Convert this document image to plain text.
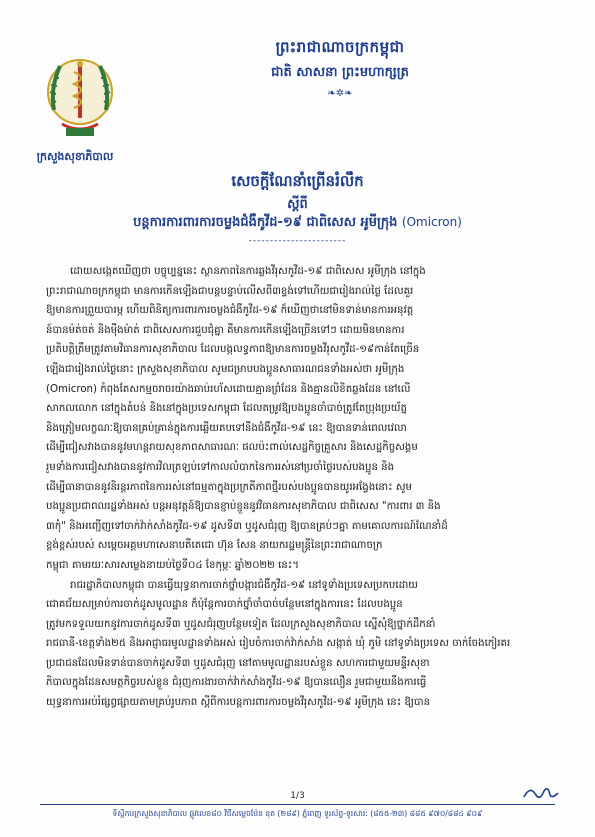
ក្រសួងសុខាភិបាល
ព្រះរាជាណាចក្រកម្ពុជា
ជាតិ សាសនា ព្រះមហាក្សត្រ
❧✲❧
សេចក្តីណែនាំព្រើនរំលឹក
ស្តីពី
បន្តការការពារការចម្លងជំងឺកូវីដ-១៩ ជាពិសេស អូមីក្រុង (Omicron)
-----------------------
ដោយសង្កេតឃើញថា បច្ចុប្បន្ននេះ ស្ថានភាពនៃការឆ្លងវីរុសកូវីដ-១៩ ជាពិសេស អូមីក្រុង នៅក្នុង
ព្រះរាជាណាចក្រកម្ពុជា មានការកើនឡើងជាបន្តបន្ទាប់លើសពី៣ខ្ទង់ទៅហើយជារៀងរាល់ថ្ងៃ ដែលគួរ
ឱ្យមានការព្រួយបារម្ភ ហើយពិនិត្យការពារការចម្លងជំងឺកូវីដ-១៩ ក៏ឃើញថានៅមិនទាន់មានការអនុវត្ត
ន៍បានម៉ត់ចត់ និងម៉ឺងម៉ាត់ ជាពិសេសការជួបជុំគ្នា គឺមានការកើនឡើងច្រើនទៅៗ ដោយមិនមានការ
ប្រតិបត្តិត្រឹមត្រូវតាមវិធានការសុខាភិបាល ដែលបង្កលទ្ធភាពឱ្យមានការចម្លងវីរុសកូវីដ-១៩កាន់តែច្រើន
ឡើងជារៀងរាល់ថ្ងៃនោះ ក្រសួងសុខាភិបាល សូមជម្រាបបងប្អូនសាធារណជនទាំងអស់ថា អូមីក្រុង
(Omicron) កំពុងតែសកម្មចរាចរយ៉ាងឆាប់រហ័សដោយគ្មានព្រំដែន និងគ្មានលិខិតឆ្លងដែន នៅលើ
សាកលលោក នៅក្នុងតំបន់ និងនៅក្នុងប្រទេសកម្ពុជា ដែលតម្រូវឱ្យបងប្អូនចាំបាច់ត្រូវតែប្រុងប្រយ័ត្ន
និងត្រៀមលក្ខណៈឱ្យបានគ្រប់គ្រាន់ក្នុងការឆ្លើយតបទៅនឹងជំងឺកូវីដ-១៩ នេះ ឱ្យបានទាន់ពេលវេលា
ដើម្បីជៀសវាងបាននូវមហន្តរាយសុខភាពសាធារណៈ ផលប៉ះពាល់សេដ្ឋកិច្ចគ្រួសារ និងសេដ្ឋកិច្ចសង្គម
រួមទាំងការជៀសវាងបាននូវការវិលត្រឡប់ទៅកាលលំបាកនៃការរស់នៅប្រចាំថ្ងៃរបស់បងប្អូន និង
ដើម្បីធានាបាននូវនិរន្តរភាពនៃការរស់នៅធម្មតាក្នុងប្រក្រតីភាពថ្មីរបស់បងប្អូនបានយូរអង្វែងនោះ សូម
បងប្អូនប្រជាពលរដ្ឋទាំងអស់ បន្តអនុវត្តន៍ឱ្យបានខ្ជាប់ខ្ជួននូវវិធានការសុខាភិបាល ជាពិសេស "ការពារ ៣ និង
៣កុំ" និងអញ្ជើញទៅចាក់វ៉ាក់សាំងកូវីដ-១៩ ដូសទី៣ ឬដូសជំរុញ ឱ្យបានគ្រប់ៗគ្នា តាមគោលការណ៍ណែនាំដ៏
ខ្ពង់ខ្ពស់របស់ សម្តេចអគ្គមហាសេនាបតីតេជោ ហ៊ុន សែន នាយករដ្ឋមន្ត្រីនៃព្រះរាជាណាចក្រ
កម្ពុជា តាមរយៈសារសម្លេងនាយប់ថ្ងៃទី០៤ ខែកុម្ភៈ ឆ្នាំ២០២២ នេះ។
រាជរដ្ឋាភិបាលកម្ពុជា បានធ្វើយុទ្ធនាការចាក់ថ្នាំបង្ការជំងឺកូវីដ-១៩ នៅទូទាំងប្រទេសប្រកបដោយ
ជោគជ័យសម្រាប់ការចាក់ដូសមូលដ្ឋាន ក៏ប៉ុន្តែការចាក់ថ្នាំចាំបាច់បន្ថែមនៅក្នុងការនេះ ដែលបងប្អូន
ត្រូវមកទទួលយកនូវការចាក់ដូសទី៣ ឬដូសជំរុញបន្ថែមទៀត ដែលក្រសួងសុខាភិបាល ស្នើសុំឱ្យថ្នាក់ដឹកនាំ
រាជធានី-ខេត្តទាំង២៥ និងអាជ្ញាធរមូលដ្ឋានទាំងអស់ រៀបចំការចាក់វ៉ាក់សាំង សង្កាត់ ឃុំ ភូមិ នៅទូទាំងប្រទេស ចាក់ចែងកៀរគរ
ប្រជាជនដែលមិនទាន់បានចាក់ដូសទី៣ ឬដូសជំរុញ នៅតាមមូលដ្ឋានរបស់ខ្លួន សហការជាមួយមន្ទីរសុខា
ភិបាលក្នុងដែនសមត្ថកិច្ចរបស់ខ្លួន ជំរុញការងារចាក់វ៉ាក់សាំងកូវីដ-១៩ ឱ្យបានលឿន រួមជាមួយនឹងការធ្វើ
យុទ្ធនាការអប់រំផ្សព្វផ្សាយតាមគ្រប់រូបភាព ស្តីពីការបន្តការពារការចម្លងវីរុសកូវីដ-១៩ អូមីក្រុង នេះ ឱ្យបាន
1/3
ទីស្តីការក្រសួងសុខាភិបាល ផ្លូវលេខ៨០ វិថីសម្តេចប៉ែន នុត (២៨៩) ភ្នំពេញ ទូរស័ព្ទ-ទូរសារ: (៨៥៥-២៣) ៨៨៥ ៩៧០/៨៨៤ ៩០៩
